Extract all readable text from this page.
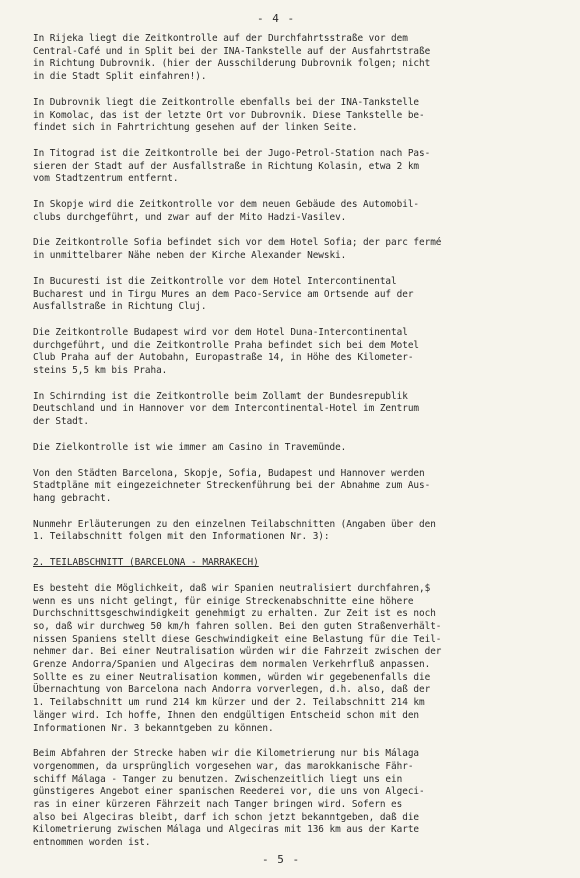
- 4 -

In Rijeka liegt die Zeitkontrolle auf der Durchfahrtsstraße vor dem
Central-Café und in Split bei der INA-Tankstelle auf der Ausfahrtstraße
in Richtung Dubrovnik. (hier der Ausschilderung Dubrovnik folgen; nicht
in die Stadt Split einfahren!).

In Dubrovnik liegt die Zeitkontrolle ebenfalls bei der INA-Tankstelle
in Komolac, das ist der letzte Ort vor Dubrovnik. Diese Tankstelle be-
findet sich in Fahrtrichtung gesehen auf der linken Seite.

In Titograd ist die Zeitkontrolle bei der Jugo-Petrol-Station nach Pas-
sieren der Stadt auf der Ausfallstraße in Richtung Kolasin, etwa 2 km
vom Stadtzentrum entfernt.

In Skopje wird die Zeitkontrolle vor dem neuen Gebäude des Automobil-
clubs durchgeführt, und zwar auf der Mito Hadzi-Vasilev.

Die Zeitkontrolle Sofia befindet sich vor dem Hotel Sofia; der parc fermé
in unmittelbarer Nähe neben der Kirche Alexander Newski.

In Bucuresti ist die Zeitkontrolle vor dem Hotel Intercontinental
Bucharest und in Tirgu Mures an dem Paco-Service am Ortsende auf der
Ausfallstraße in Richtung Cluj.

Die Zeitkontrolle Budapest wird vor dem Hotel Duna-Intercontinental
durchgeführt, und die Zeitkontrolle Praha befindet sich bei dem Motel
Club Praha auf der Autobahn, Europastraße 14, in Höhe des Kilometer-
steins 5,5 km bis Praha.

In Schirnding ist die Zeitkontrolle beim Zollamt der Bundesrepublik
Deutschland und in Hannover vor dem Intercontinental-Hotel im Zentrum
der Stadt.

Die Zielkontrolle ist wie immer am Casino in Travemünde.

Von den Städten Barcelona, Skopje, Sofia, Budapest und Hannover werden
Stadtpläne mit eingezeichneter Streckenführung bei der Abnahme zum Aus-
hang gebracht.

Nunmehr Erläuterungen zu den einzelnen Teilabschnitten (Angaben über den
1. Teilabschnitt folgen mit den Informationen Nr. 3):

2. TEILABSCHNITT (BARCELONA - MARRAKECH)

Es besteht die Möglichkeit, daß wir Spanien neutralisiert durchfahren,$
wenn es uns nicht gelingt, für einige Streckenabschnitte eine höhere
Durchschnittsgeschwindigkeit genehmigt zu erhalten. Zur Zeit ist es noch
so, daß wir durchweg 50 km/h fahren sollen. Bei den guten Straßenverhält-
nissen Spaniens stellt diese Geschwindigkeit eine Belastung für die Teil-
nehmer dar. Bei einer Neutralisation würden wir die Fahrzeit zwischen der
Grenze Andorra/Spanien und Algeciras dem normalen Verkehrfluß anpassen.
Sollte es zu einer Neutralisation kommen, würden wir gegebenenfalls die
Übernachtung von Barcelona nach Andorra vorverlegen, d.h. also, daß der
1. Teilabschnitt um rund 214 km kürzer und der 2. Teilabschnitt 214 km
länger wird. Ich hoffe, Ihnen den endgültigen Entscheid schon mit den
Informationen Nr. 3 bekanntgeben zu können.

Beim Abfahren der Strecke haben wir die Kilometrierung nur bis Málaga
vorgenommen, da ursprünglich vorgesehen war, das marokkanische Fähr-
schiff Málaga - Tanger zu benutzen. Zwischenzeitlich liegt uns ein
günstigeres Angebot einer spanischen Reederei vor, die uns von Algeci-
ras in einer kürzeren Fährzeit nach Tanger bringen wird. Sofern es
also bei Algeciras bleibt, darf ich schon jetzt bekanntgeben, daß die
Kilometrierung zwischen Málaga und Algeciras mit 136 km aus der Karte
entnommen worden ist.

- 5 -
